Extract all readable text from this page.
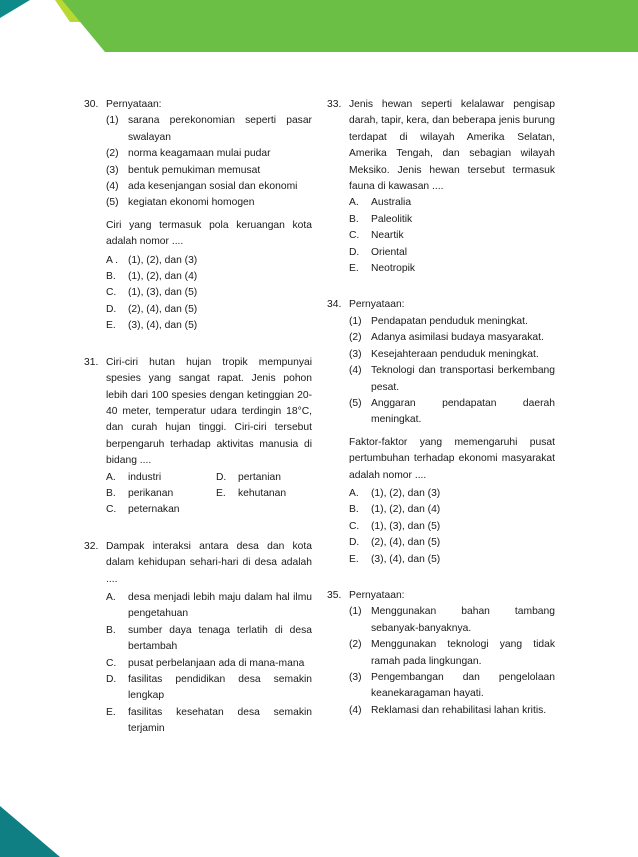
30. Pernyataan:
(1) sarana perekonomian seperti pasar swalayan
(2) norma keagamaan mulai pudar
(3) bentuk pemukiman memusat
(4) ada kesenjangan sosial dan ekonomi
(5) kegiatan ekonomi homogen
Ciri yang termasuk pola keruangan kota adalah nomor ....
A . (1), (2), dan (3)
B. (1), (2), dan (4)
C. (1), (3), dan (5)
D. (2), (4), dan (5)
E. (3), (4), dan (5)
31. Ciri-ciri hutan hujan tropik mempunyai spesies yang sangat rapat. Jenis pohon lebih dari 100 spesies dengan ketinggian 20-40 meter, temperatur udara terdingin 18°C, dan curah hujan tinggi. Ciri-ciri tersebut berpengaruh terhadap aktivitas manusia di bidang ....
A. industri	D. pertanian
B. perikanan	E. kehutanan
C. peternakan
32. Dampak interaksi antara desa dan kota dalam kehidupan sehari-hari di desa adalah ....
A. desa menjadi lebih maju dalam hal ilmu pengetahuan
B. sumber daya tenaga terlatih di desa bertambah
C. pusat perbelanjaan ada di mana-mana
D. fasilitas pendidikan desa semakin lengkap
E. fasilitas kesehatan desa semakin terjamin
33. Jenis hewan seperti kelalawar pengisap darah, tapir, kera, dan beberapa jenis burung terdapat di wilayah Amerika Selatan, Amerika Tengah, dan sebagian wilayah Meksiko. Jenis hewan tersebut termasuk fauna di kawasan ....
A. Australia
B. Paleolitik
C. Neartik
D. Oriental
E. Neotropik
34. Pernyataan:
(1) Pendapatan penduduk meningkat.
(2) Adanya asimilasi budaya masyarakat.
(3) Kesejahteraan penduduk meningkat.
(4) Teknologi dan transportasi berkembang pesat.
(5) Anggaran pendapatan daerah meningkat.
Faktor-faktor yang memengaruhi pusat pertumbuhan terhadap ekonomi masyarakat adalah nomor ....
A. (1), (2), dan (3)
B. (1), (2), dan (4)
C. (1), (3), dan (5)
D. (2), (4), dan (5)
E. (3), (4), dan (5)
35. Pernyataan:
(1) Menggunakan bahan tambang sebanyak-banyaknya.
(2) Menggunakan teknologi yang tidak ramah pada lingkungan.
(3) Pengembangan dan pengelolaan keanekaragaman hayati.
(4) Reklamasi dan rehabilitasi lahan kritis.
